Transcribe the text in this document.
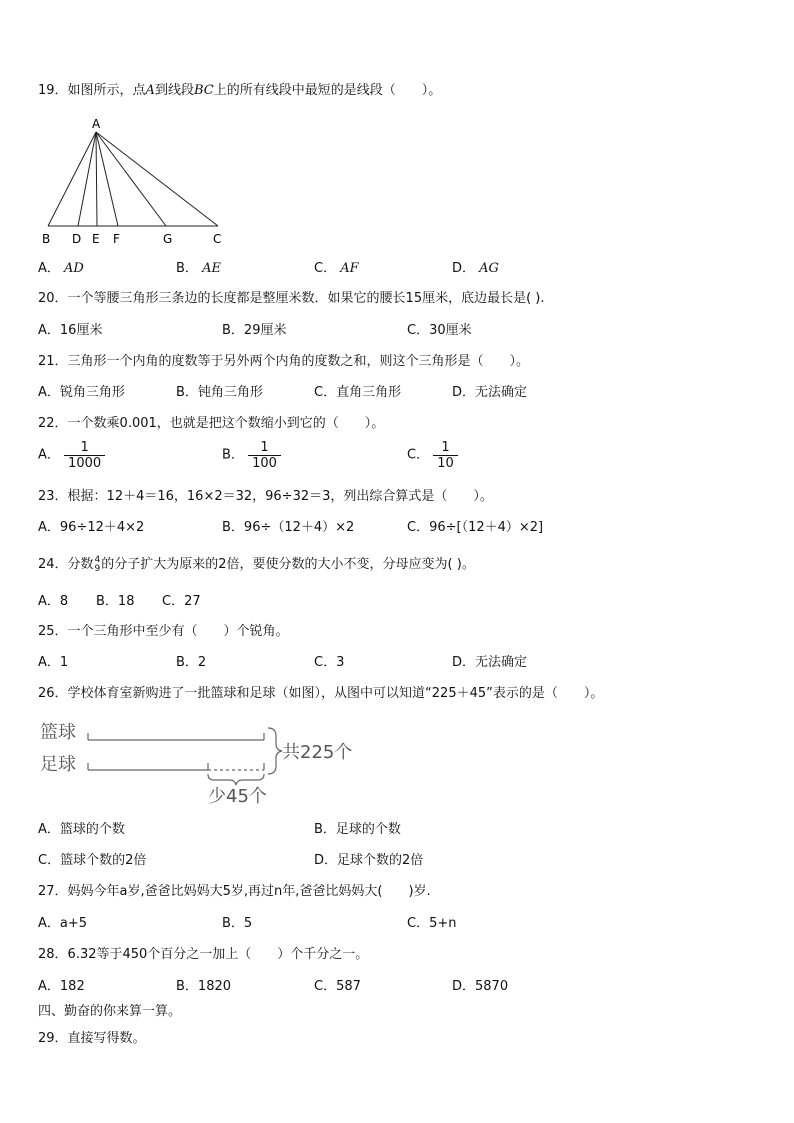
19．如图所示，点A到线段BC上的所有线段中最短的是线段（　　）。
A
B D E F	G	C
A． AD	B． AE	C． AF	D． AG
20．一个等腰三角形三条边的长度都是整厘米数．如果它的腰长15厘米，底边最长是( ).
A．16厘米	B．29厘米	C．30厘米
21．三角形一个内角的度数等于另外两个内角的度数之和，则这个三角形是（　　）。
A．锐角三角形	B．钝角三角形	C．直角三角形	D．无法确定
22．一个数乘0.001，也就是把这个数缩小到它的（　　）。
A． $\frac{1}{1000}$	B． $\frac{1}{100}$	C． $\frac{1}{10}$
23．根据：12＋4＝16，16×2＝32，96÷32＝3，列出综合算式是（　　）。
A．96÷12＋4×2	B．96÷（12＋4）×2	C．96÷[（12＋4）×2]
24．分数 4
9 的分子扩大为原来的2倍，要使分数的大小不变，分母应变为( )。
A．8 B．18 C．27
25．一个三角形中至少有（　　）个锐角。
A．1	B．2	C．3	D．无法确定
26．学校体育室新购进了一批篮球和足球（如图），从图中可以知道“225＋45”表示的是（　　）。
篮球
足球
共225个
少45个
A．篮球的个数	B．足球的个数
C．篮球个数的2倍	D．足球个数的2倍
27．妈妈今年a岁,爸爸比妈妈大5岁,再过n年,爸爸比妈妈大(　　)岁.
A．a+5	B．5	C．5+n
28．6.32等于450个百分之一加上（　　）个千分之一。
A．182	B．1820	C．587	D．5870
四、勤奋的你来算一算。
29．直接写得数。
